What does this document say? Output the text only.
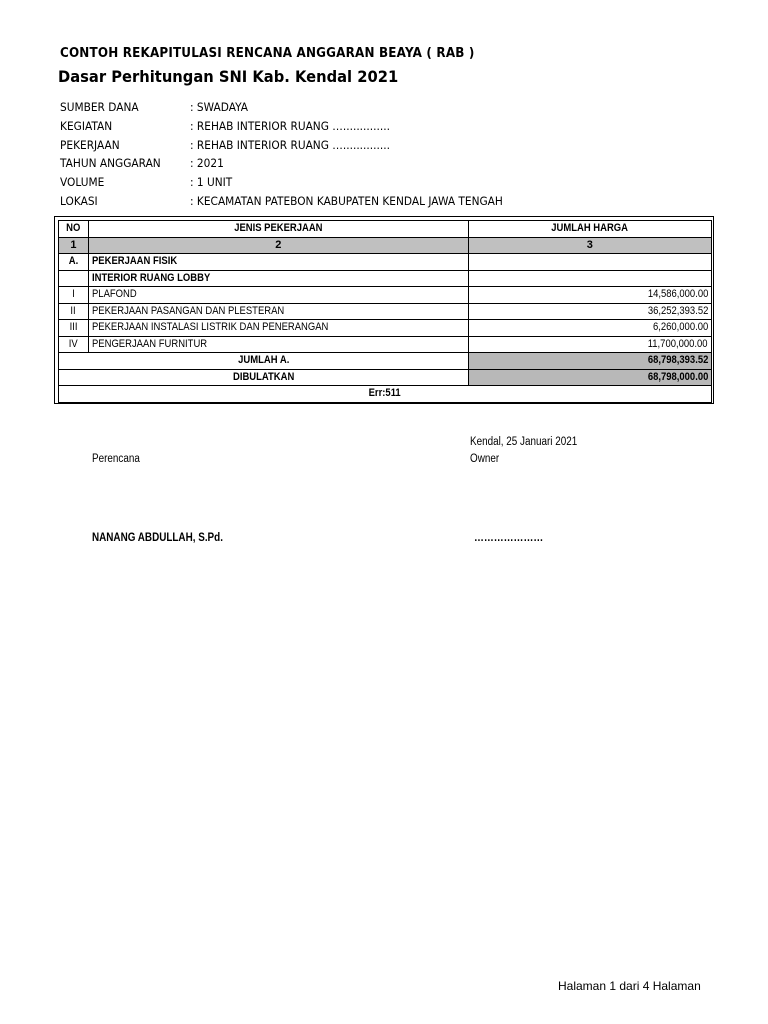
CONTOH REKAPITULASI RENCANA ANGGARAN BEAYA ( RAB )
Dasar Perhitungan SNI Kab. Kendal 2021
SUMBER DANA	: SWADAYA
KEGIATAN	: REHAB INTERIOR RUANG …..............
PEKERJAAN	: REHAB INTERIOR RUANG …..............
TAHUN ANGGARAN	: 2021
VOLUME	: 1 UNIT
LOKASI	: KECAMATAN PATEBON KABUPATEN KENDAL JAWA TENGAH
NO	JENIS PEKERJAAN	JUMLAH HARGA
1	2	3
A.	PEKERJAAN FISIK	
	INTERIOR RUANG LOBBY	
I	PLAFOND	14,586,000.00
II	PEKERJAAN PASANGAN DAN PLESTERAN	36,252,393.52
III	PEKERJAAN INSTALASI LISTRIK DAN PENERANGAN	6,260,000.00
IV	PENGERJAAN FURNITUR	11,700,000.00
JUMLAH A.		68,798,393.52
DIBULATKAN		68,798,000.00
Err:511		
Kendal, 25 Januari 2021
Perencana	Owner
NANANG ABDULLAH, S.Pd.	…………………
Halaman 1 dari 4 Halaman
